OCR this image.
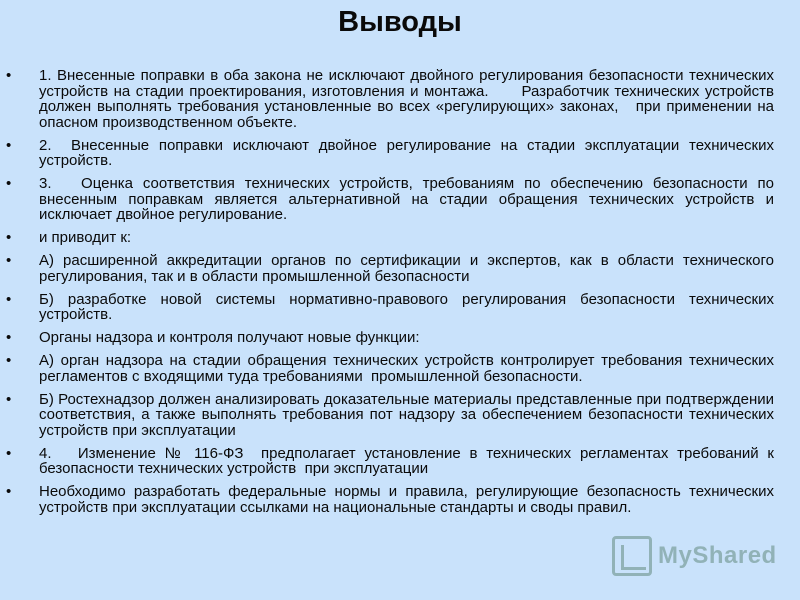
Выводы
•	1. Внесенные поправки в оба закона не исключают двойного регулирования безопасности технических устройств на стадии проектирования, изготовления и монтажа.      Разработчик технических устройств должен выполнять требования установленные во всех «регулирующих» законах,   при применении на опасном производственном объекте.
•	2.  Внесенные поправки исключают двойное регулирование на стадии эксплуатации технических устройств.
•	3.   Оценка соответствия технических устройств, требованиям по обеспечению безопасности по внесенным поправкам является альтернативной на стадии обращения технических устройств и исключает двойное регулирование.
•	и приводит к:
•	А) расширенной аккредитации органов по сертификации и экспертов, как в области технического регулирования, так и в области промышленной безопасности
•	Б) разработке новой системы нормативно-правового регулирования безопасности технических устройств.
•	Органы надзора и контроля получают новые функции:
•	А) орган надзора на стадии обращения технических устройств контролирует требования технических регламентов с входящими туда требованиями  промышленной безопасности.
•	Б) Ростехнадзор должен анализировать доказательные материалы представленные при подтверждении соответствия, а также выполнять требования пот надзору за обеспечением безопасности технических устройств при эксплуатации
•	4.   Изменение № 116-ФЗ  предполагает установление в технических регламентах требований к безопасности технических устройств  при эксплуатации
•	Необходимо разработать федеральные нормы и правила, регулирующие безопасность технических устройств при эксплуатации ссылками на национальные стандарты и своды правил.
MyShared
